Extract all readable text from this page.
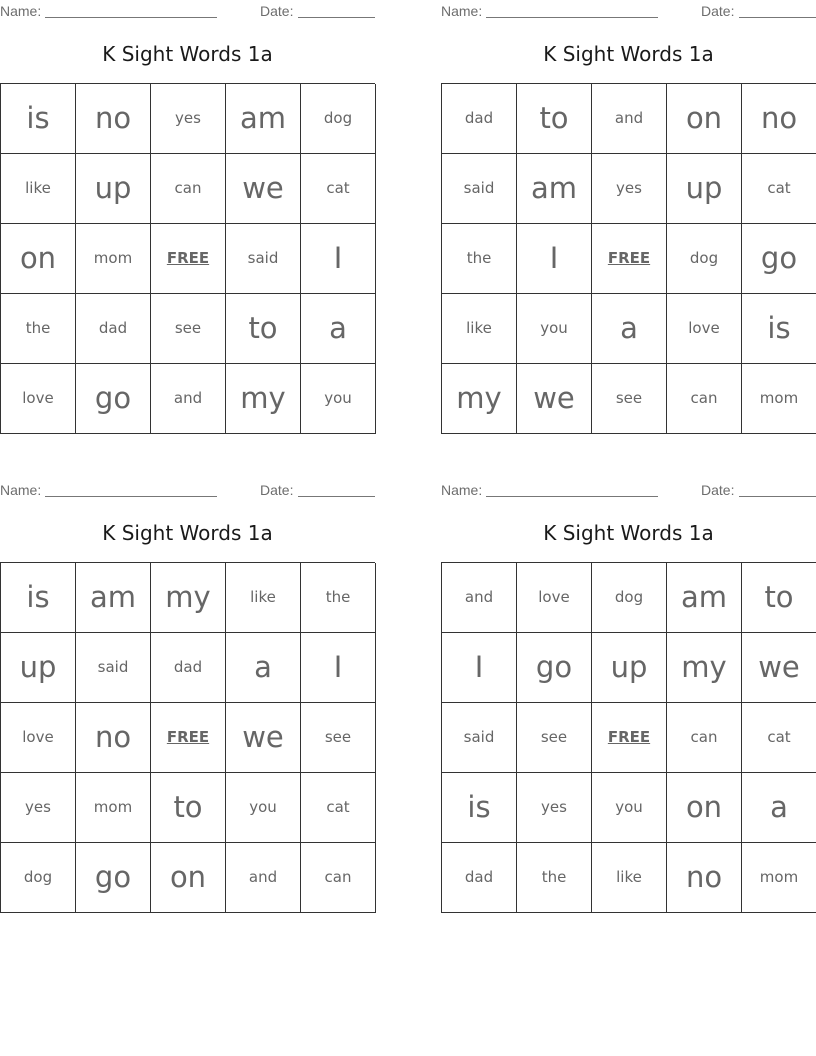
Name:	Date:
K Sight Words 1a
is	no	yes	am	dog
like	up	can	we	cat
on	mom	FREE	said	I
the	dad	see	to	a
love	go	and	my	you
Name:	Date:
K Sight Words 1a
dad	to	and	on	no
said	am	yes	up	cat
the	I	FREE	dog	go
like	you	a	love	is
my	we	see	can	mom
Name:	Date:
K Sight Words 1a
is	am	my	like	the
up	said	dad	a	I
love	no	FREE	we	see
yes	mom	to	you	cat
dog	go	on	and	can
Name:	Date:
K Sight Words 1a
and	love	dog	am	to
I	go	up	my	we
said	see	FREE	can	cat
is	yes	you	on	a
dad	the	like	no	mom
